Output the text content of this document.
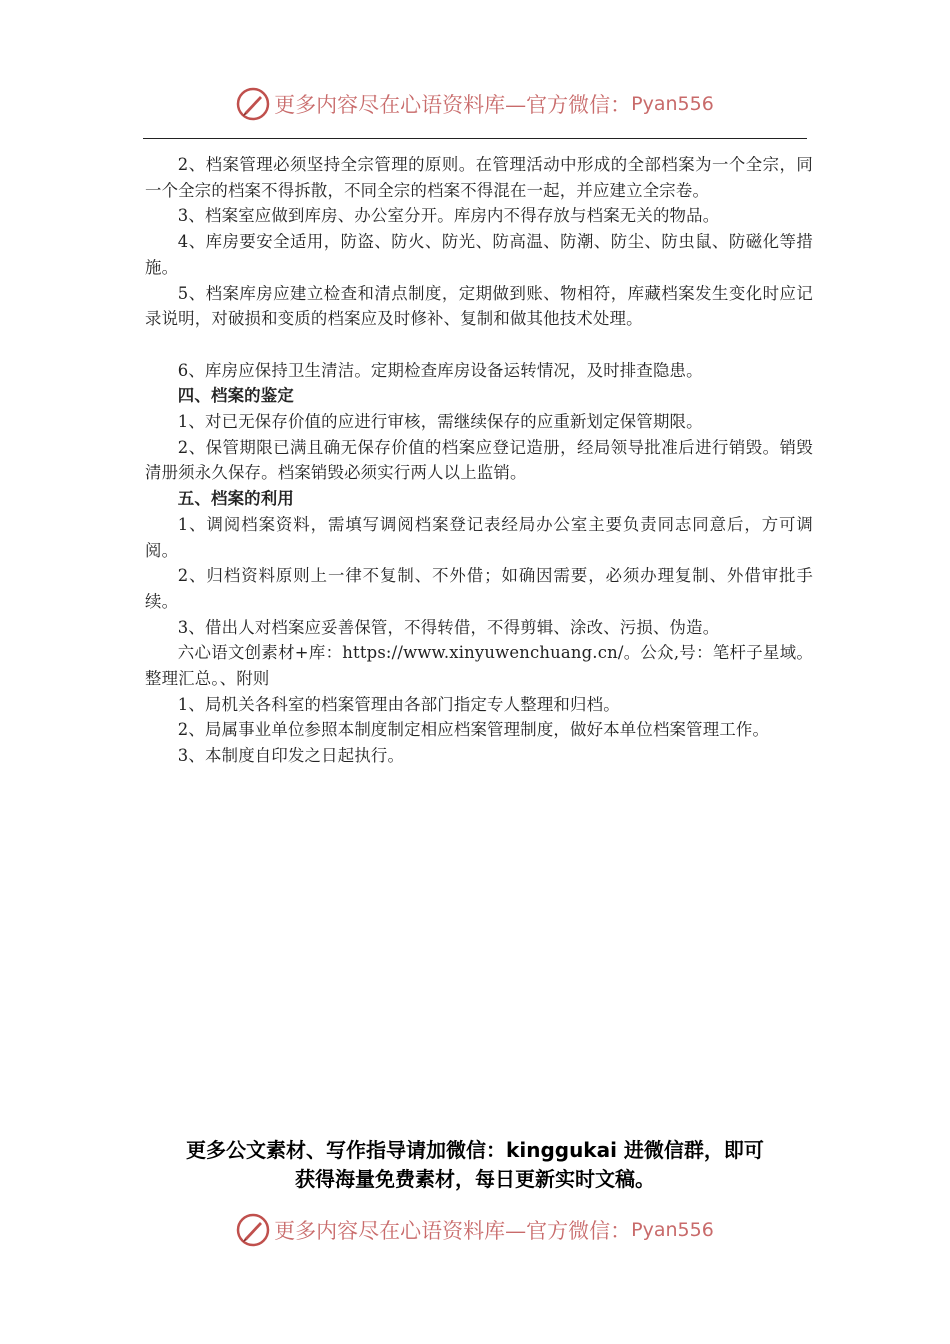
更多内容尽在心语资料库—官方微信： Pyan556

2、档案管理必须坚持全宗管理的原则。在管理活动中形成的全部档案为一个全宗，同一个全宗的档案不得拆散，不同全宗的档案不得混在一起，并应建立全宗卷。

3、档案室应做到库房、办公室分开。库房内不得存放与档案无关的物品。

4、库房要安全适用，防盗、防火、防光、防高温、防潮、防尘、防虫鼠、防磁化等措施。

5、档案库房应建立检查和清点制度，定期做到账、物相符，库藏档案发生变化时应记录说明，对破损和变质的档案应及时修补、复制和做其他技术处理。

6、库房应保持卫生清洁。定期检查库房设备运转情况，及时排查隐患。

四、档案的鉴定

1、对已无保存价值的应进行审核，需继续保存的应重新划定保管期限。

2、保管期限已满且确无保存价值的档案应登记造册，经局领导批准后进行销毁。销毁清册须永久保存。档案销毁必须实行两人以上监销。

五、档案的利用

1、调阅档案资料，需填写调阅档案登记表经局办公室主要负责同志同意后，方可调阅。

2、归档资料原则上一律不复制、不外借；如确因需要，必须办理复制、外借审批手续。

3、借出人对档案应妥善保管，不得转借，不得剪辑、涂改、污损、伪造。

六心语文创素材+库：https://www.xinyuwenchuang.cn/。公众,号：笔杆子星域。整理汇总。、附则

1、局机关各科室的档案管理由各部门指定专人整理和归档。

2、局属事业单位参照本制度制定相应档案管理制度，做好本单位档案管理工作。

3、本制度自印发之日起执行。

更多公文素材、写作指导请加微信：kinggukai 进微信群，即可
获得海量免费素材，每日更新实时文稿。
更多内容尽在心语资料库—官方微信： Pyan556
